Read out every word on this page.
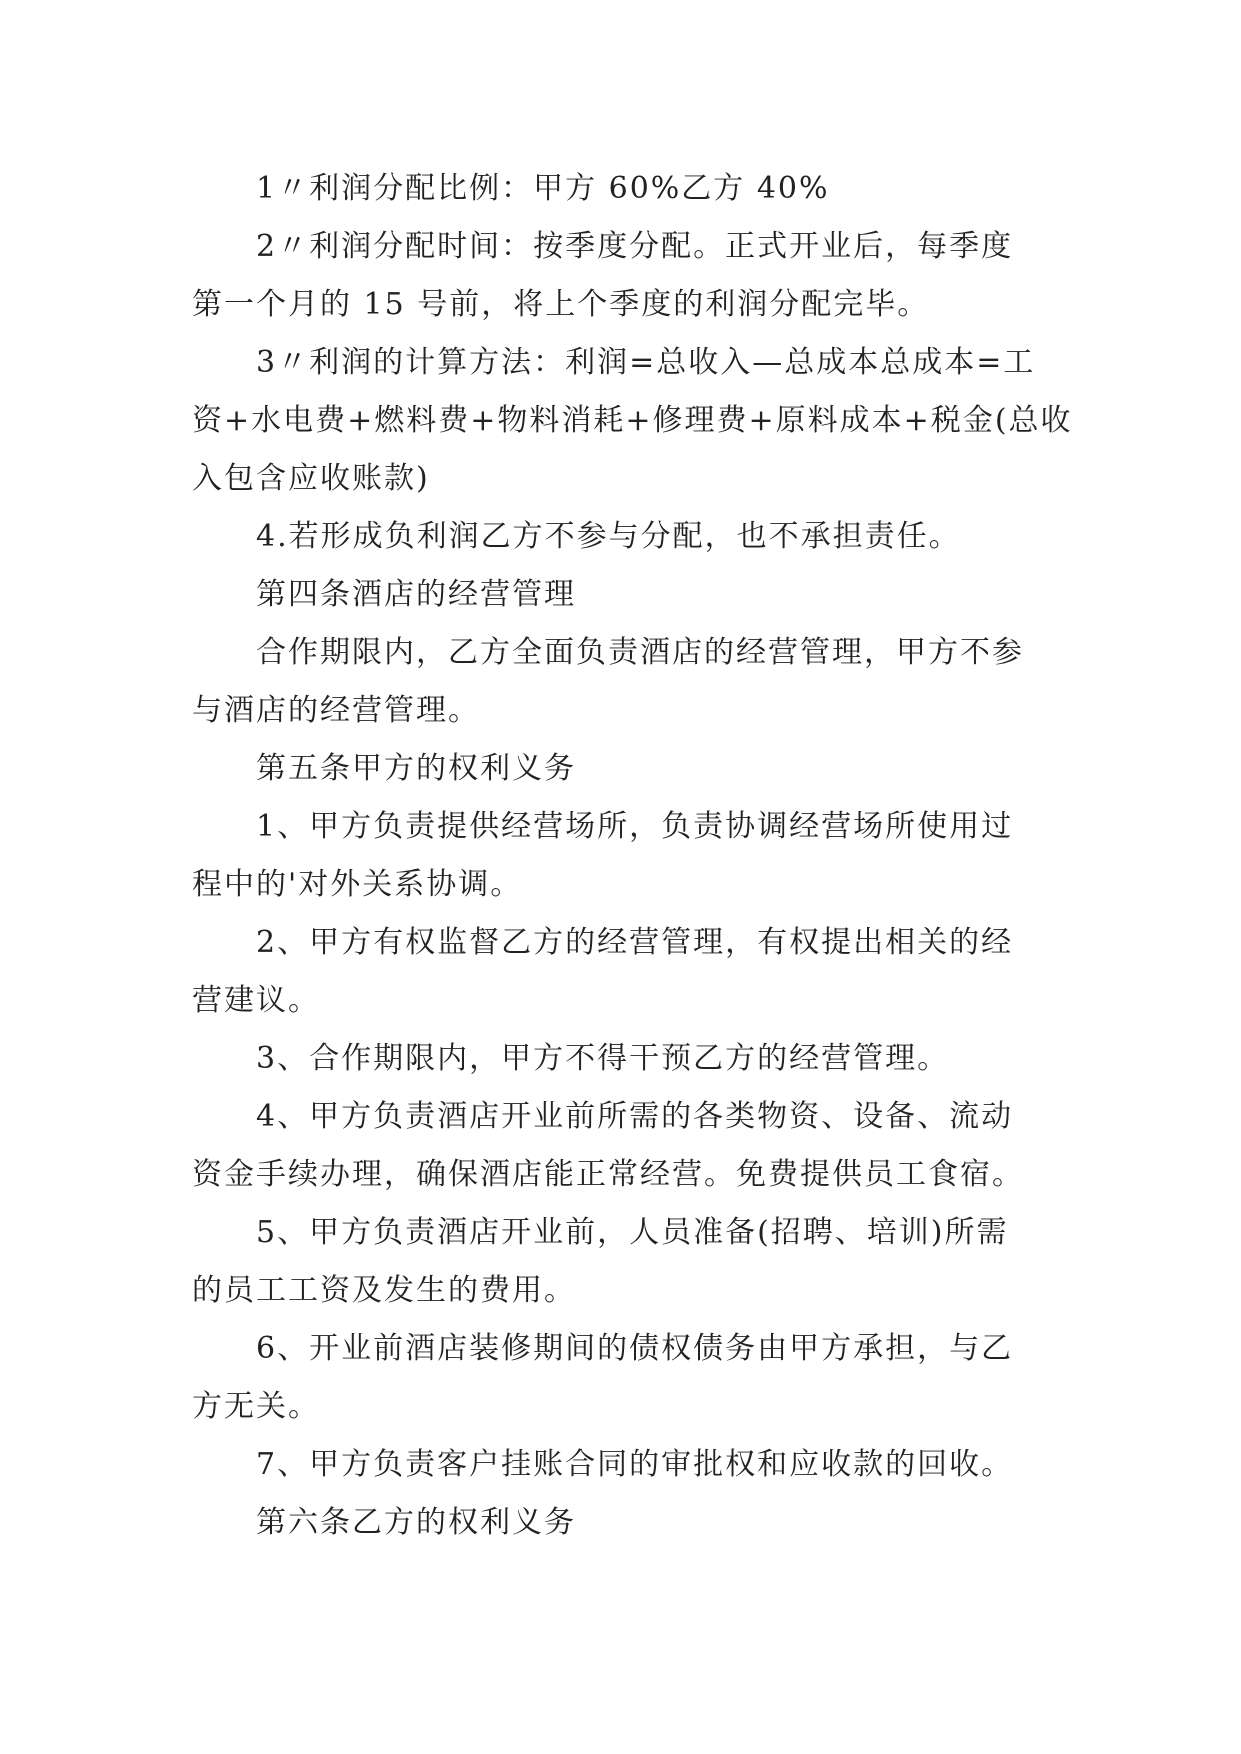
1〃利润分配比例：甲方 60%乙方 40%

2〃利润分配时间：按季度分配。正式开业后，每季度
第一个月的 15 号前，将上个季度的利润分配完毕。

3〃利润的计算方法：利润=总收入—总成本总成本=工
资+水电费+燃料费+物料消耗+修理费+原料成本+税金(总收
入包含应收账款)

4.若形成负利润乙方不参与分配，也不承担责任。

第四条酒店的经营管理

合作期限内，乙方全面负责酒店的经营管理，甲方不参
与酒店的经营管理。

第五条甲方的权利义务

1、甲方负责提供经营场所，负责协调经营场所使用过
程中的'对外关系协调。

2、甲方有权监督乙方的经营管理，有权提出相关的经
营建议。

3、合作期限内，甲方不得干预乙方的经营管理。

4、甲方负责酒店开业前所需的各类物资、设备、流动
资金手续办理，确保酒店能正常经营。免费提供员工食宿。

5、甲方负责酒店开业前，人员准备(招聘、培训)所需
的员工工资及发生的费用。

6、开业前酒店装修期间的债权债务由甲方承担，与乙
方无关。

7、甲方负责客户挂账合同的审批权和应收款的回收。

第六条乙方的权利义务
